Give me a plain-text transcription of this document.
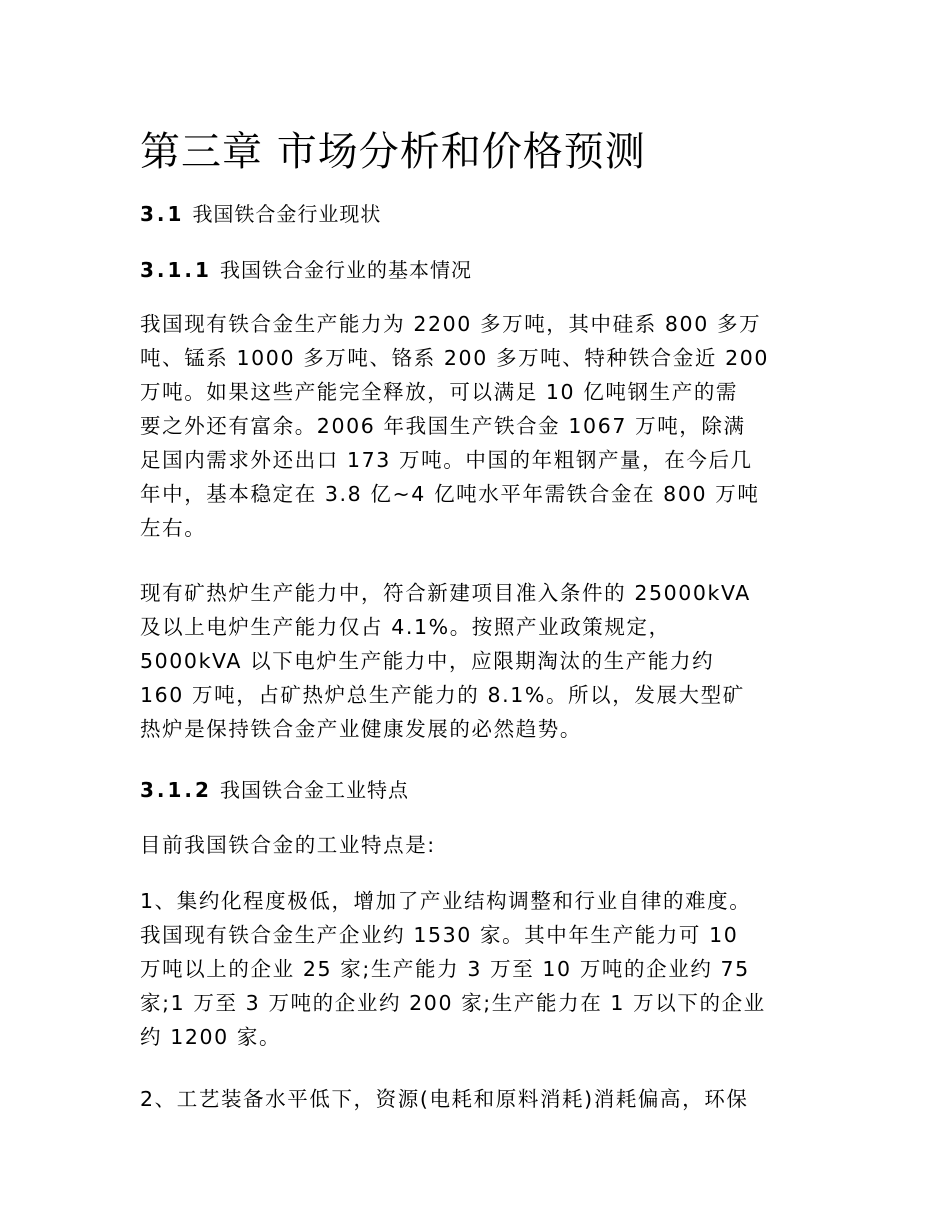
第三章 市场分析和价格预测
3.1 我国铁合金行业现状
3.1.1 我国铁合金行业的基本情况
我国现有铁合金生产能力为 2200 多万吨，其中硅系 800 多万
吨、锰系 1000 多万吨、铬系 200 多万吨、特种铁合金近 200
万吨。如果这些产能完全释放，可以满足 10 亿吨钢生产的需
要之外还有富余。2006 年我国生产铁合金 1067 万吨，除满
足国内需求外还出口 173 万吨。中国的年粗钢产量，在今后几
年中，基本稳定在 3.8 亿~4 亿吨水平年需铁合金在 800 万吨
左右。
现有矿热炉生产能力中，符合新建项目准入条件的 25000kVA
及以上电炉生产能力仅占 4.1%。按照产业政策规定，
5000kVA 以下电炉生产能力中，应限期淘汰的生产能力约
160 万吨，占矿热炉总生产能力的 8.1%。所以，发展大型矿
热炉是保持铁合金产业健康发展的必然趋势。
3.1.2 我国铁合金工业特点
目前我国铁合金的工业特点是:
1、集约化程度极低，增加了产业结构调整和行业自律的难度。
我国现有铁合金生产企业约 1530 家。其中年生产能力可 10
万吨以上的企业 25 家;生产能力 3 万至 10 万吨的企业约 75
家;1 万至 3 万吨的企业约 200 家;生产能力在 1 万以下的企业
约 1200 家。
2、工艺装备水平低下，资源(电耗和原料消耗)消耗偏高，环保
